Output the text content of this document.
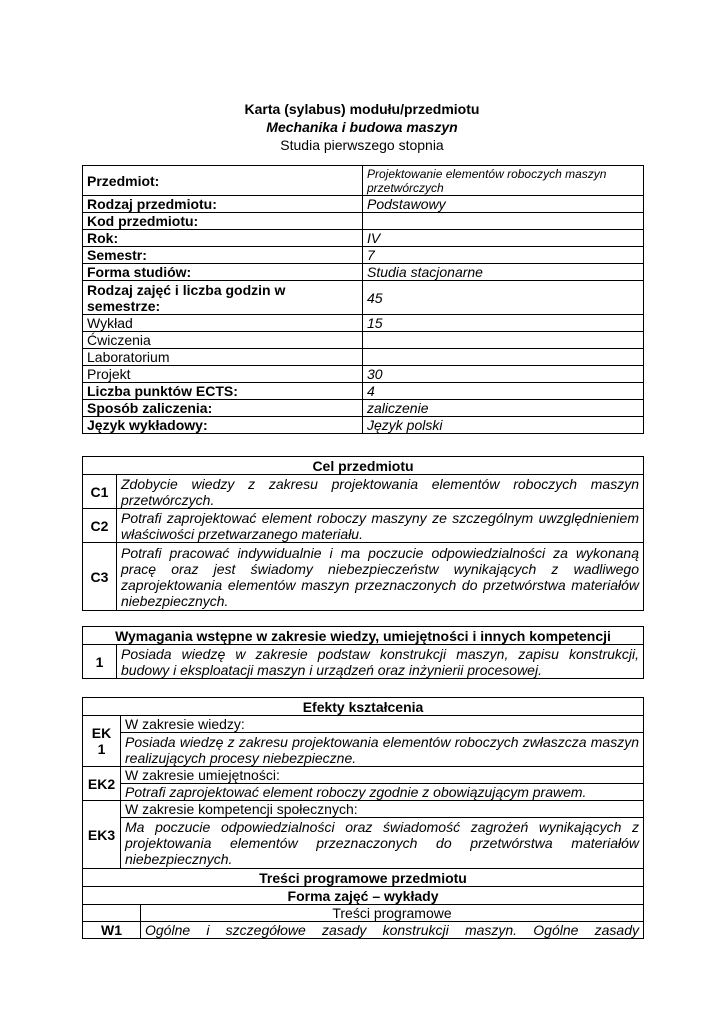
Karta (sylabus) modułu/przedmiotu
Mechanika i budowa maszyn
Studia pierwszego stopnia
Przedmiot:	Projektowanie elementów roboczych maszyn przetwórczych
Rodzaj przedmiotu:	Podstawowy
Kod przedmiotu:	
Rok:	IV
Semestr:	7
Forma studiów:	Studia stacjonarne
Rodzaj zajęć i liczba godzin w semestrze:	45
Wykład	15
Ćwiczenia	
Laboratorium	
Projekt	30
Liczba punktów ECTS:	4
Sposób zaliczenia:	zaliczenie
Język wykładowy:	Język polski
Cel przedmiotu	
C1	Zdobycie wiedzy z zakresu projektowania elementów roboczych maszyn przetwórczych.
C2	Potrafi zaprojektować element roboczy maszyny ze szczególnym uwzględnieniem właściwości przetwarzanego materiału.
C3	Potrafi pracować indywidualnie i ma poczucie odpowiedzialności za wykonaną pracę oraz jest świadomy niebezpieczeństw wynikających z wadliwego zaprojektowania elementów maszyn przeznaczonych do przetwórstwa materiałów niebezpiecznych.
Wymagania wstępne w zakresie wiedzy, umiejętności i innych kompetencji
1	Posiada wiedzę w zakresie podstaw konstrukcji maszyn, zapisu konstrukcji, budowy i eksploatacji maszyn i urządzeń oraz inżynierii procesowej.
Efekty kształcenia	
EK 1	W zakresie wiedzy:
	Posiada wiedzę z zakresu projektowania elementów roboczych zwłaszcza maszyn realizujących procesy niebezpieczne.
EK2	W zakresie umiejętności:
	Potrafi zaprojektować element roboczy zgodnie z obowiązującym prawem.
EK3	W zakresie kompetencji społecznych:
	Ma poczucie odpowiedzialności oraz świadomość zagrożeń wynikających z projektowania elementów przeznaczonych do przetwórstwa materiałów niebezpiecznych.
Treści programowe przedmiotu	
Forma zajęć – wykłady	
	Treści programowe
W1	Ogólne i szczegółowe zasady konstrukcji maszyn. Ogólne zasady
